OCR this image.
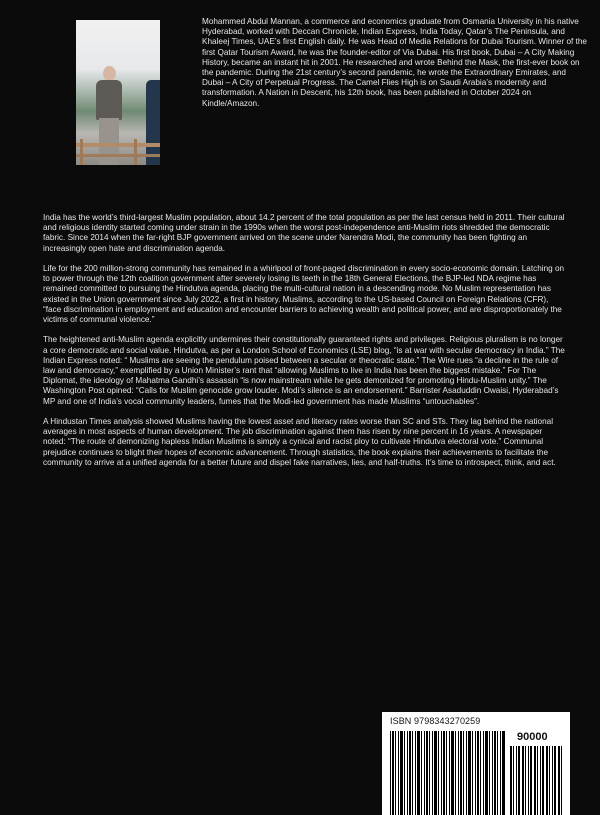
Mohammed Abdul Mannan, a commerce and economics graduate from Osmania University in his native Hyderabad, worked with Deccan Chronicle, Indian Express, India Today, Qatar’s The Peninsula, and Khaleej Times, UAE’s first English daily. He was Head of Media Relations for Dubai Tourism. Winner of the first Qatar Tourism Award, he was the founder-editor of Via Dubai. His first book, Dubai – A City Making History, became an instant hit in 2001. He researched and wrote Behind the Mask, the first-ever book on the pandemic. During the 21st century’s second pandemic, he wrote the Extraordinary Emirates, and Dubai – A City of Perpetual Progress. The Camel Flies High is on Saudi Arabia’s modernity and transformation. A Nation in Descent, his 12th book, has been published in October 2024 on Kindle/Amazon.

India has the world’s third-largest Muslim population, about 14.2 percent of the total population as per the last census held in 2011. Their cultural and religious identity started coming under strain in the 1990s when the worst post-independence anti-Muslim riots shredded the democratic fabric. Since 2014 when the far-right BJP government arrived on the scene under Narendra Modi, the community has been fighting an increasingly open hate and discrimination agenda.

Life for the 200 million-strong community has remained in a whirlpool of front-paged discrimination in every socio-economic domain. Latching on to power through the 12th coalition government after severely losing its teeth in the 18th General Elections, the BJP-led NDA regime has remained committed to pursuing the Hindutva agenda, placing the multi-cultural nation in a descending mode. No Muslim representation has existed in the Union government since July 2022, a first in history. Muslims, according to the US-based Council on Foreign Relations (CFR), “face discrimination in employment and education and encounter barriers to achieving wealth and political power, and are disproportionately the victims of communal violence.”

The heightened anti-Muslim agenda explicitly undermines their constitutionally guaranteed rights and privileges. Religious pluralism is no longer a core democratic and social value. Hindutva, as per a London School of Economics (LSE) blog, “is at war with secular democracy in India.” The Indian Express noted: “ Muslims are seeing the pendulum poised between a secular or theocratic state.” The Wire rues “a decline in the rule of law and democracy,” exemplified by a Union Minister’s rant that “allowing Muslims to live in India has been the biggest mistake.” For The Diplomat, the ideology of Mahatma Gandhi’s assassin “is now mainstream while he gets demonized for promoting Hindu-Muslim unity.” The Washington Post opined: “Calls for Muslim genocide grow louder. Modi’s silence is an endorsement.” Barrister Asaduddin Owaisi, Hyderabad’s MP and one of India’s vocal community leaders, fumes that the Modi-led government has made Muslims “untouchables”.

A Hindustan Times analysis showed Muslims having the lowest asset and literacy rates worse than SC and STs. They lag behind the national averages in most aspects of human development. The job discrimination against them has risen by nine percent in 16 years. A newspaper noted: “The route of demonizing hapless Indian Muslims is simply a cynical and racist ploy to cultivate Hindutva electoral vote.” Communal prejudice continues to blight their hopes of economic advancement. Through statistics, the book explains their achievements to facilitate the community to arrive at a unified agenda for a better future and dispel fake narratives, lies, and half-truths. It’s time to introspect, think, and act.

ISBN 9798343270259
90000
